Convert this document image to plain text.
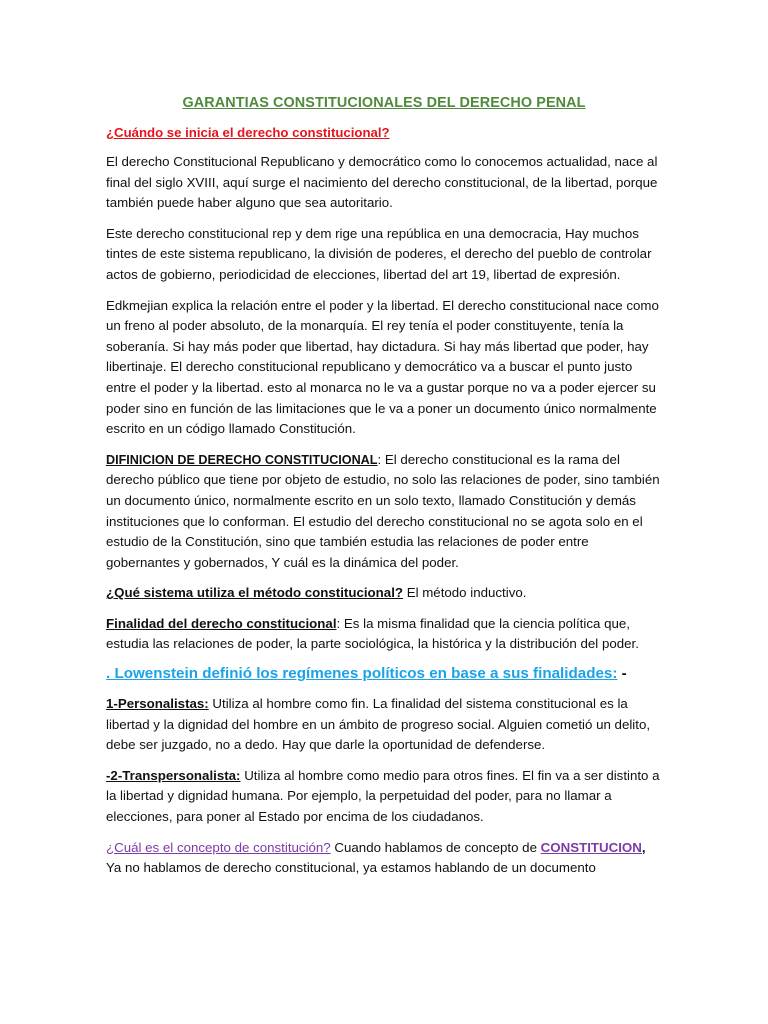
GARANTIAS CONSTITUCIONALES DEL DERECHO PENAL
¿Cuándo se inicia el derecho constitucional?

El derecho Constitucional Republicano y democrático como lo conocemos actualidad, nace al final del siglo XVIII, aquí surge el nacimiento del derecho constitucional, de la libertad, porque también puede haber alguno que sea autoritario.

Este derecho constitucional rep y dem rige una república en una democracia, Hay muchos tintes de este sistema republicano, la división de poderes, el derecho del pueblo de controlar actos de gobierno, periodicidad de elecciones, libertad del art 19, libertad de expresión.

Edkmejian explica la relación entre el poder y la libertad. El derecho constitucional nace como un freno al poder absoluto, de la monarquía. El rey tenía el poder constituyente, tenía la soberanía. Si hay más poder que libertad, hay dictadura. Si hay más libertad que poder, hay libertinaje. El derecho constitucional republicano y democrático va a buscar el punto justo entre el poder y la libertad. esto al monarca no le va a gustar porque no va a poder ejercer su poder sino en función de las limitaciones que le va a poner un documento único normalmente escrito en un código llamado Constitución.

DIFINICION DE DERECHO CONSTITUCIONAL: El derecho constitucional es la rama del derecho público que tiene por objeto de estudio, no solo las relaciones de poder, sino también un documento único, normalmente escrito en un solo texto, llamado Constitución y demás instituciones que lo conforman. El estudio del derecho constitucional no se agota solo en el estudio de la Constitución, sino que también estudia las relaciones de poder entre gobernantes y gobernados, Y cuál es la dinámica del poder.

¿Qué sistema utiliza el método constitucional? El método inductivo.

Finalidad del derecho constitucional: Es la misma finalidad que la ciencia política que, estudia las relaciones de poder, la parte sociológica, la histórica y la distribución del poder.

. Lowenstein definió los regímenes políticos en base a sus finalidades: -

1-Personalistas: Utiliza al hombre como fin. La finalidad del sistema constitucional es la libertad y la dignidad del hombre en un ámbito de progreso social. Alguien cometió un delito, debe ser juzgado, no a dedo. Hay que darle la oportunidad de defenderse.

-2-Transpersonalista: Utiliza al hombre como medio para otros fines. El fin va a ser distinto a la libertad y dignidad humana. Por ejemplo, la perpetuidad del poder, para no llamar a elecciones, para poner al Estado por encima de los ciudadanos.

¿Cuál es el concepto de constitución? Cuando hablamos de concepto de CONSTITUCION, Ya no hablamos de derecho constitucional, ya estamos hablando de un documento
